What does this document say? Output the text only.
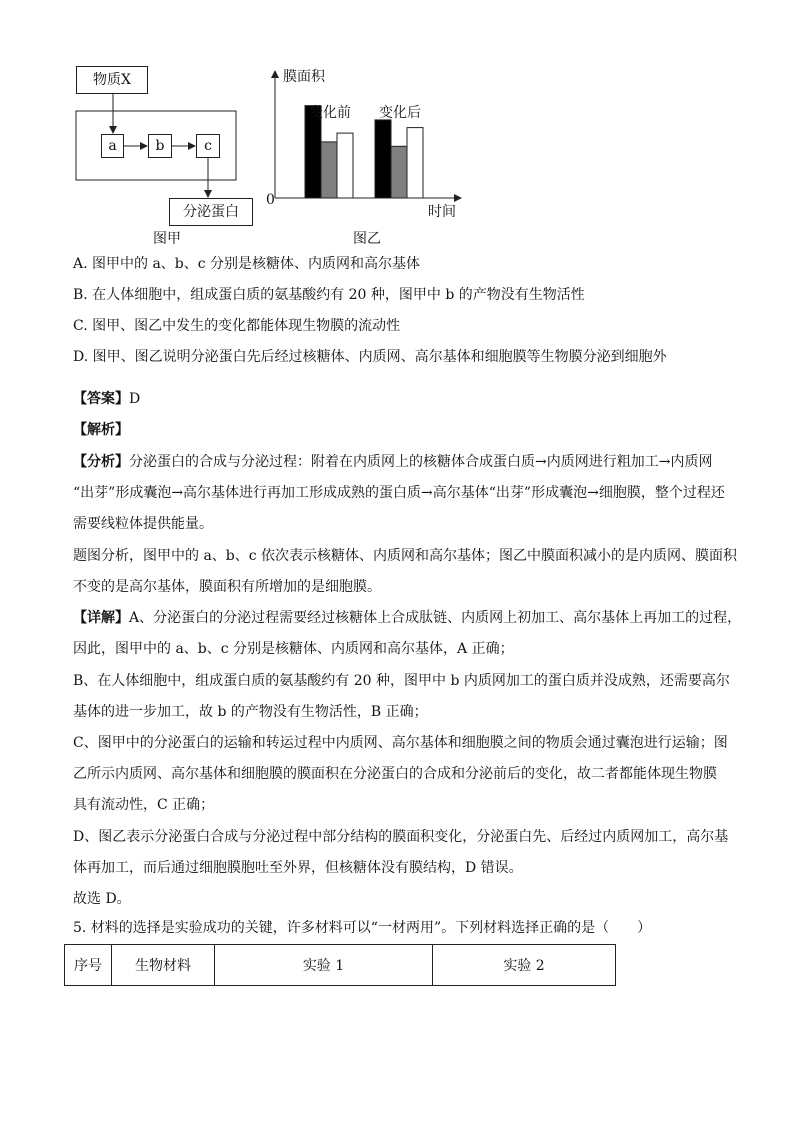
物质X
a	b	c
分泌蛋白
图甲
膜面积
变化前 变化后
0
时间
图乙
A. 图甲中的 a、b、c 分别是核糖体、内质网和高尔基体
B. 在人体细胞中，组成蛋白质的氨基酸约有 20 种，图甲中 b 的产物没有生物活性
C. 图甲、图乙中发生的变化都能体现生物膜的流动性
D. 图甲、图乙说明分泌蛋白先后经过核糖体、内质网、高尔基体和细胞膜等生物膜分泌到细胞外
【答案】D
【解析】
【分析】分泌蛋白的合成与分泌过程：附着在内质网上的核糖体合成蛋白质→内质网进行粗加工→内质网
“出芽”形成囊泡→高尔基体进行再加工形成成熟的蛋白质→高尔基体“出芽”形成囊泡→细胞膜，整个过程还
需要线粒体提供能量。
题图分析，图甲中的 a、b、c 依次表示核糖体、内质网和高尔基体；图乙中膜面积减小的是内质网、膜面积
不变的是高尔基体，膜面积有所增加的是细胞膜。
【详解】A、分泌蛋白的分泌过程需要经过核糖体上合成肽链、内质网上初加工、高尔基体上再加工的过程，
因此，图甲中的 a、b、c 分别是核糖体、内质网和高尔基体，A 正确；
B、在人体细胞中，组成蛋白质的氨基酸约有 20 种，图甲中 b 内质网加工的蛋白质并没成熟，还需要高尔
基体的进一步加工，故 b 的产物没有生物活性，B 正确；
C、图甲中的分泌蛋白的运输和转运过程中内质网、高尔基体和细胞膜之间的物质会通过囊泡进行运输；图
乙所示内质网、高尔基体和细胞膜的膜面积在分泌蛋白的合成和分泌前后的变化，故二者都能体现生物膜
具有流动性，C 正确；
D、图乙表示分泌蛋白合成与分泌过程中部分结构的膜面积变化，分泌蛋白先、后经过内质网加工，高尔基
体再加工，而后通过细胞膜胞吐至外界，但核糖体没有膜结构，D 错误。
故选 D。
5. 材料的选择是实验成功的关键，许多材料可以“一材两用”。下列材料选择正确的是（　　）
序号	生物材料	实验 1	实验 2
